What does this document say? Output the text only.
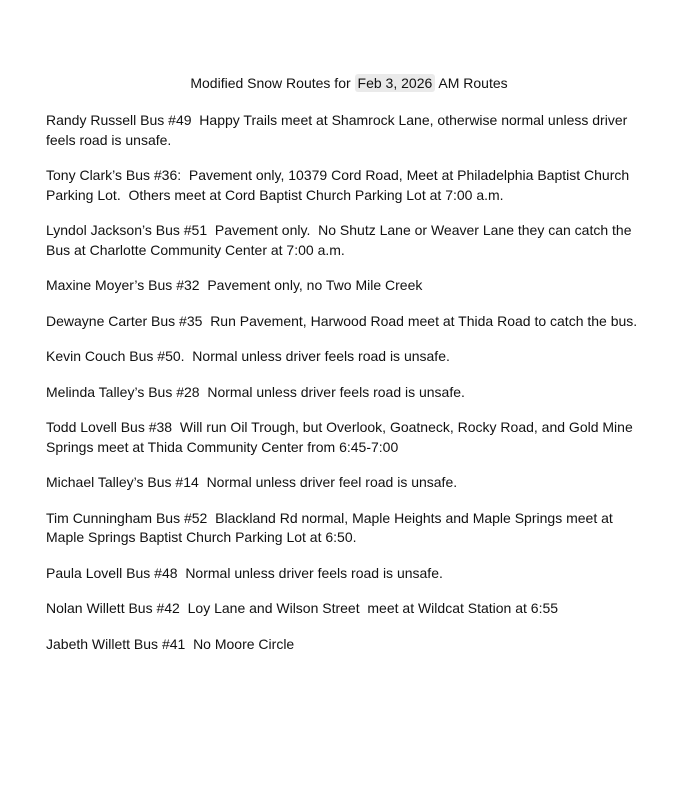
Modified Snow Routes for Feb 3, 2026 AM Routes

Randy Russell Bus #49  Happy Trails meet at Shamrock Lane, otherwise normal unless driver feels road is unsafe.

Tony Clark’s Bus #36:  Pavement only, 10379 Cord Road, Meet at Philadelphia Baptist Church Parking Lot.  Others meet at Cord Baptist Church Parking Lot at 7:00 a.m.

Lyndol Jackson’s Bus #51  Pavement only.  No Shutz Lane or Weaver Lane they can catch the Bus at Charlotte Community Center at 7:00 a.m.

Maxine Moyer’s Bus #32  Pavement only, no Two Mile Creek

Dewayne Carter Bus #35  Run Pavement, Harwood Road meet at Thida Road to catch the bus.

Kevin Couch Bus #50.  Normal unless driver feels road is unsafe.

Melinda Talley’s Bus #28  Normal unless driver feels road is unsafe.

Todd Lovell Bus #38  Will run Oil Trough, but Overlook, Goatneck, Rocky Road, and Gold Mine Springs meet at Thida Community Center from 6:45-7:00

Michael Talley’s Bus #14  Normal unless driver feel road is unsafe.

Tim Cunningham Bus #52  Blackland Rd normal, Maple Heights and Maple Springs meet at Maple Springs Baptist Church Parking Lot at 6:50.

Paula Lovell Bus #48  Normal unless driver feels road is unsafe.

Nolan Willett Bus #42  Loy Lane and Wilson Street  meet at Wildcat Station at 6:55

Jabeth Willett Bus #41  No Moore Circle
